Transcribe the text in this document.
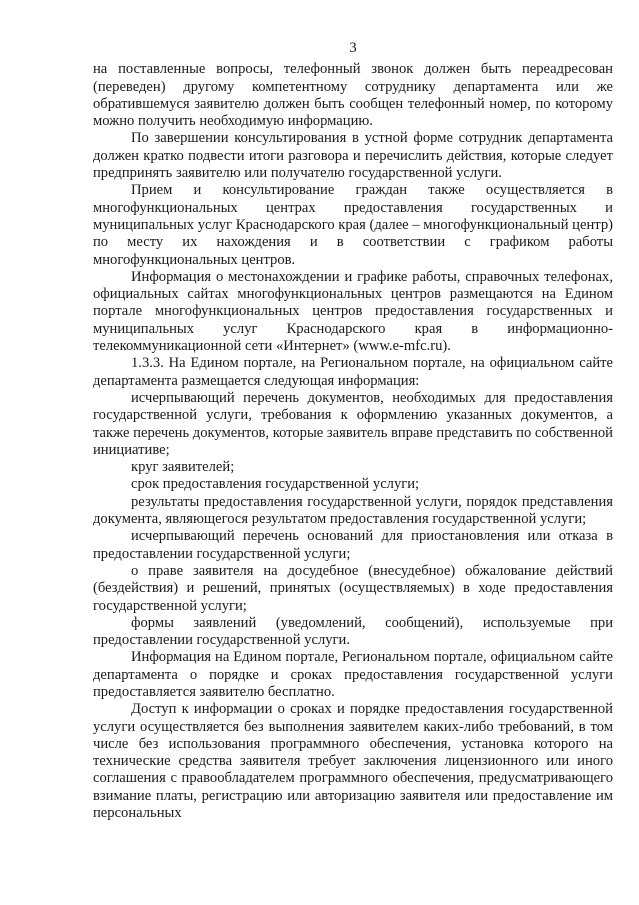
3

на поставленные вопросы, телефонный звонок должен быть переадресован (переведен) другому компетентному сотруднику департамента или же обратившемуся заявителю должен быть сообщен телефонный номер, по которому можно получить необходимую информацию.

По завершении консультирования в устной форме сотрудник департамента должен кратко подвести итоги разговора и перечислить действия, которые следует предпринять заявителю или получателю государственной услуги.

Прием и консультирование граждан также осуществляется в многофункциональных центрах предоставления государственных и муниципальных услуг Краснодарского края (далее – многофункциональный центр) по месту их нахождения и в соответствии с графиком работы многофункциональных центров.

Информация о местонахождении и графике работы, справочных телефонах, официальных сайтах многофункциональных центров размещаются на Едином портале многофункциональных центров предоставления государственных и муниципальных услуг Краснодарского края в информационно-телекоммуникационной сети «Интернет» (www.e-mfc.ru).

1.3.3. На Едином портале, на Региональном портале, на официальном сайте департамента размещается следующая информация:

исчерпывающий перечень документов, необходимых для предоставления государственной услуги, требования к оформлению указанных документов, а также перечень документов, которые заявитель вправе представить по собственной инициативе;

круг заявителей;

срок предоставления государственной услуги;

результаты предоставления государственной услуги, порядок представления документа, являющегося результатом предоставления государственной услуги;

исчерпывающий перечень оснований для приостановления или отказа в предоставлении государственной услуги;

о праве заявителя на досудебное (внесудебное) обжалование действий (бездействия) и решений, принятых (осуществляемых) в ходе предоставления государственной услуги;

формы заявлений (уведомлений, сообщений), используемые при предоставлении государственной услуги.

Информация на Едином портале, Региональном портале, официальном сайте департамента о порядке и сроках предоставления государственной услуги предоставляется заявителю бесплатно.

Доступ к информации о сроках и порядке предоставления государственной услуги осуществляется без выполнения заявителем каких-либо требований, в том числе без использования программного обеспечения, установка которого на технические средства заявителя требует заключения лицензионного или иного соглашения с правообладателем программного обеспечения, предусматривающего взимание платы, регистрацию или авторизацию заявителя или предоставление им персональных
